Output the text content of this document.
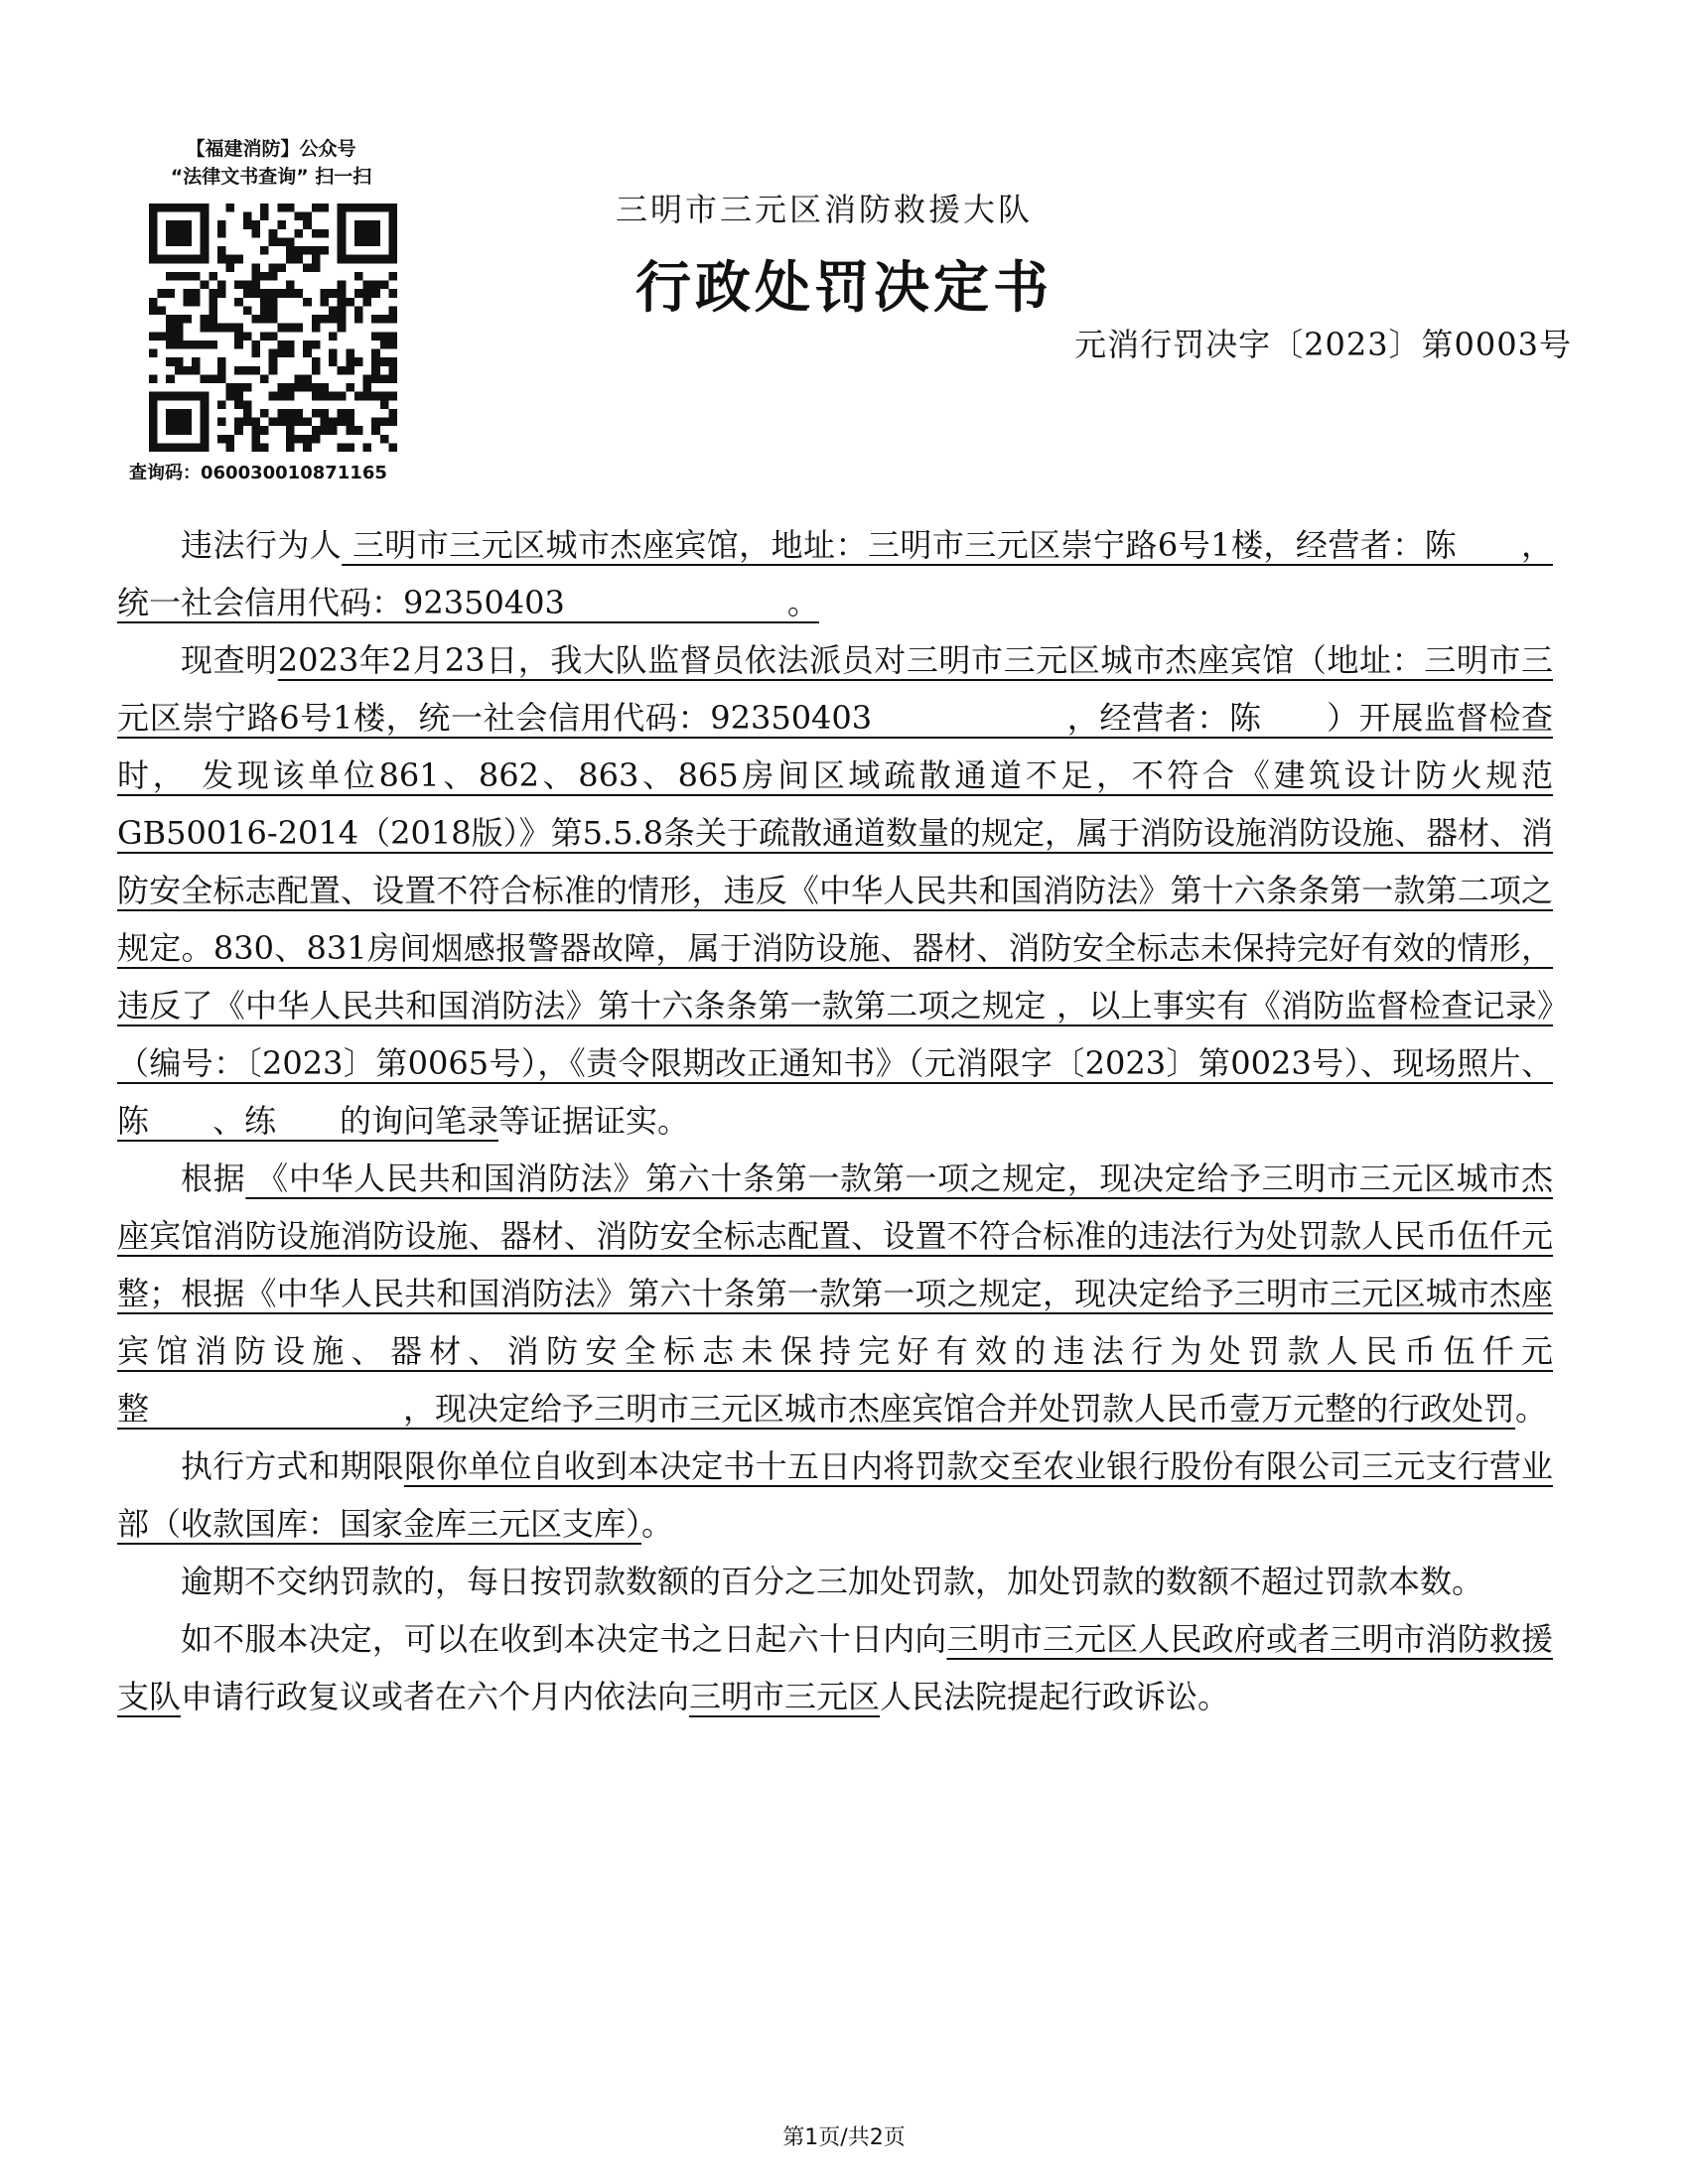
【福建消防】公众号
“法律文书查询” 扫一扫
查询码：060030010871165
三明市三元区消防救援大队
行政处罚决定书
元消行罚决字〔2023〕第0003号

违法行为人 三明市三元区城市杰座宾馆，地址：三明市三元区崇宁路6号1楼，经营者：陈　　，统一社会信用代码：92350403　　　　　　　。

现查明2023年2月23日，我大队监督员依法派员对三明市三元区城市杰座宾馆（地址：三明市三元区崇宁路6号1楼，统一社会信用代码：92350403　　　　　　，经营者：陈　　）开展监督检查时， 发现该单位861、862、863、865房间区域疏散通道不足，不符合《建筑设计防火规范GB50016-2014（2018版）》第5.5.8条关于疏散通道数量的规定，属于消防设施消防设施、器材、消防安全标志配置、设置不符合标准的情形，违反《中华人民共和国消防法》第十六条条第一款第二项之规定。830、831房间烟感报警器故障，属于消防设施、器材、消防安全标志未保持完好有效的情形，违反了《中华人民共和国消防法》第十六条条第一款第二项之规定 ，以上事实有《消防监督检查记录》（编号：〔2023〕第0065号），《责令限期改正通知书》（元消限字〔2023〕第0023号）、现场照片、陈　　、练　　的询问笔录等证据证实。

根据 《中华人民共和国消防法》第六十条第一款第一项之规定，现决定给予三明市三元区城市杰座宾馆消防设施消防设施、器材、消防安全标志配置、设置不符合标准的违法行为处罚款人民币伍仟元整；根据《中华人民共和国消防法》第六十条第一款第一项之规定，现决定给予三明市三元区城市杰座宾馆消防设施、器材、消防安全标志未保持完好有效的违法行为处罚款人民币伍仟元整　　　　　　　　，现决定给予三明市三元区城市杰座宾馆合并处罚款人民币壹万元整的行政处罚。

执行方式和期限限你单位自收到本决定书十五日内将罚款交至农业银行股份有限公司三元支行营业部（收款国库：国家金库三元区支库）。

逾期不交纳罚款的，每日按罚款数额的百分之三加处罚款，加处罚款的数额不超过罚款本数。

如不服本决定，可以在收到本决定书之日起六十日内向三明市三元区人民政府或者三明市消防救援支队申请行政复议或者在六个月内依法向三明市三元区人民法院提起行政诉讼。

第1页/共2页
